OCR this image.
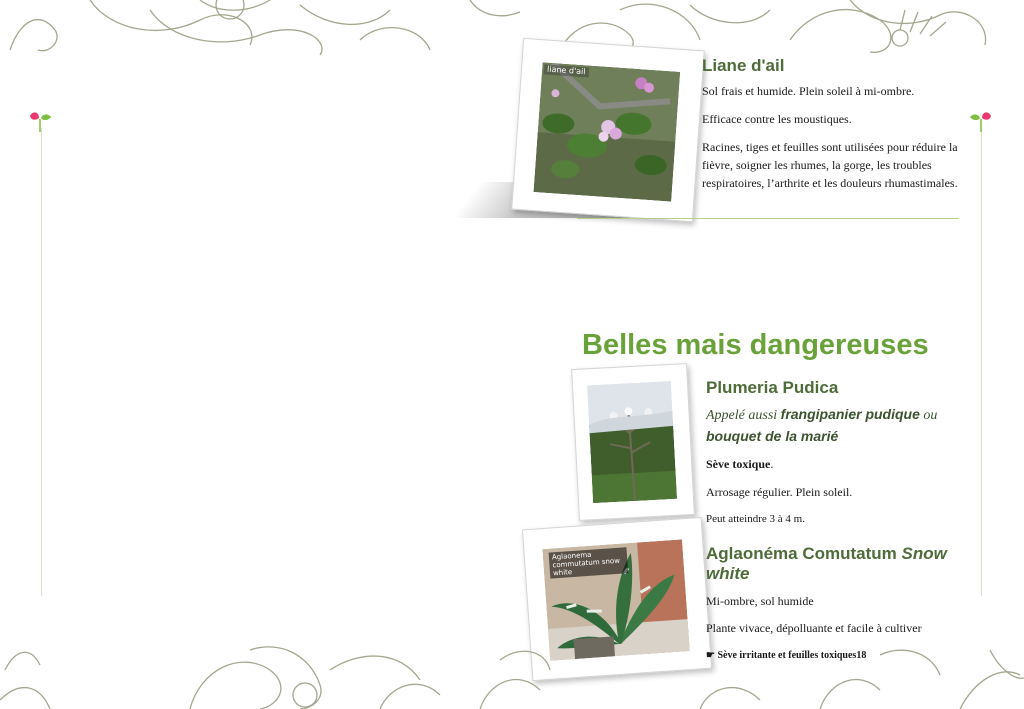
liane d'ail	Liane d'ail

Sol frais et humide. Plein soleil à mi-ombre.

Efficace contre les moustiques.

Racines, tiges et feuilles sont utilisées pour réduire la fièvre, soigner les rhumes, la gorge, les troubles respiratoires, l’arthrite et les douleurs rhumastimales.

Belles mais dangereuses
Plumeria Pudica

Appelé aussi frangipanier pudique ou bouquet de la marié

Sève toxique.

Arrosage régulier. Plein soleil.

Peut atteindre 3 à 4 m.

Aglaonema commutatum snow white
Aglaonéma Comutatum Snow white

Mi-ombre, sol humide

Plante vivace, dépolluante et facile à cultiver

☛ Sève irritante et feuilles toxiques18
